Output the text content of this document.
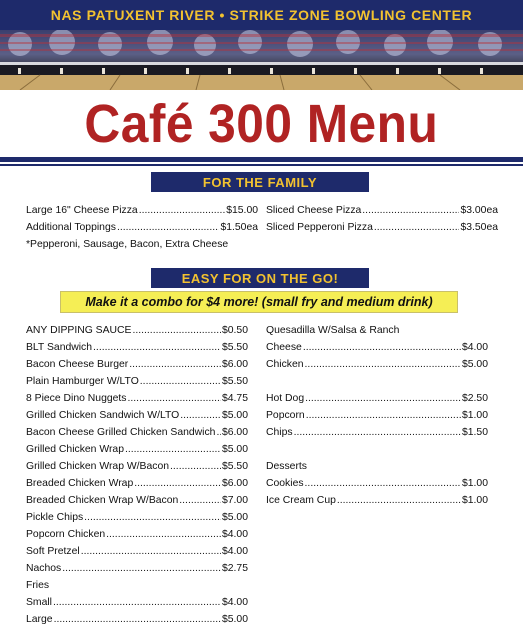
NAS PATUXENT RIVER • STRIKE ZONE BOWLING CENTER
Café 300 Menu
FOR THE FAMILY
Large 16" Cheese Pizza .....	$15.00
Additional Toppings .....	$1.50ea
*Pepperoni, Sausage, Bacon, Extra Cheese
Sliced Cheese Pizza .....	$3.00ea
Sliced Pepperoni Pizza .....	$3.50ea
EASY FOR ON THE GO!
Make it a combo for $4 more! (small fry and medium drink)
ANY DIPPING SAUCE .....	$0.50
BLT Sandwich .....	$5.50
Bacon Cheese Burger .....	$6.00
Plain Hamburger W/LTO .....	$5.50
8 Piece Dino Nuggets .....	$4.75
Grilled Chicken Sandwich W/LTO .....	$5.00
Bacon Cheese Grilled Chicken Sandwich ..... $6.00
Grilled Chicken Wrap .....	$5.00
Grilled Chicken Wrap W/Bacon .....	$5.50
Breaded Chicken Wrap .....	$6.00
Breaded Chicken Wrap W/Bacon .....	$7.00
Pickle Chips .....	$5.00
Popcorn Chicken .....	$4.00
Soft Pretzel .....	$4.00
Nachos .....	$2.75
Fries
Small .....	$4.00
Large .....	$5.00
Quesadilla W/Salsa & Ranch
Cheese .....	$4.00
Chicken .....	$5.00
Hot Dog .....	$2.50
Popcorn .....	$1.00
Chips .....	$1.50
Desserts
Cookies .....	$1.00
Ice Cream Cup .....	$1.00
